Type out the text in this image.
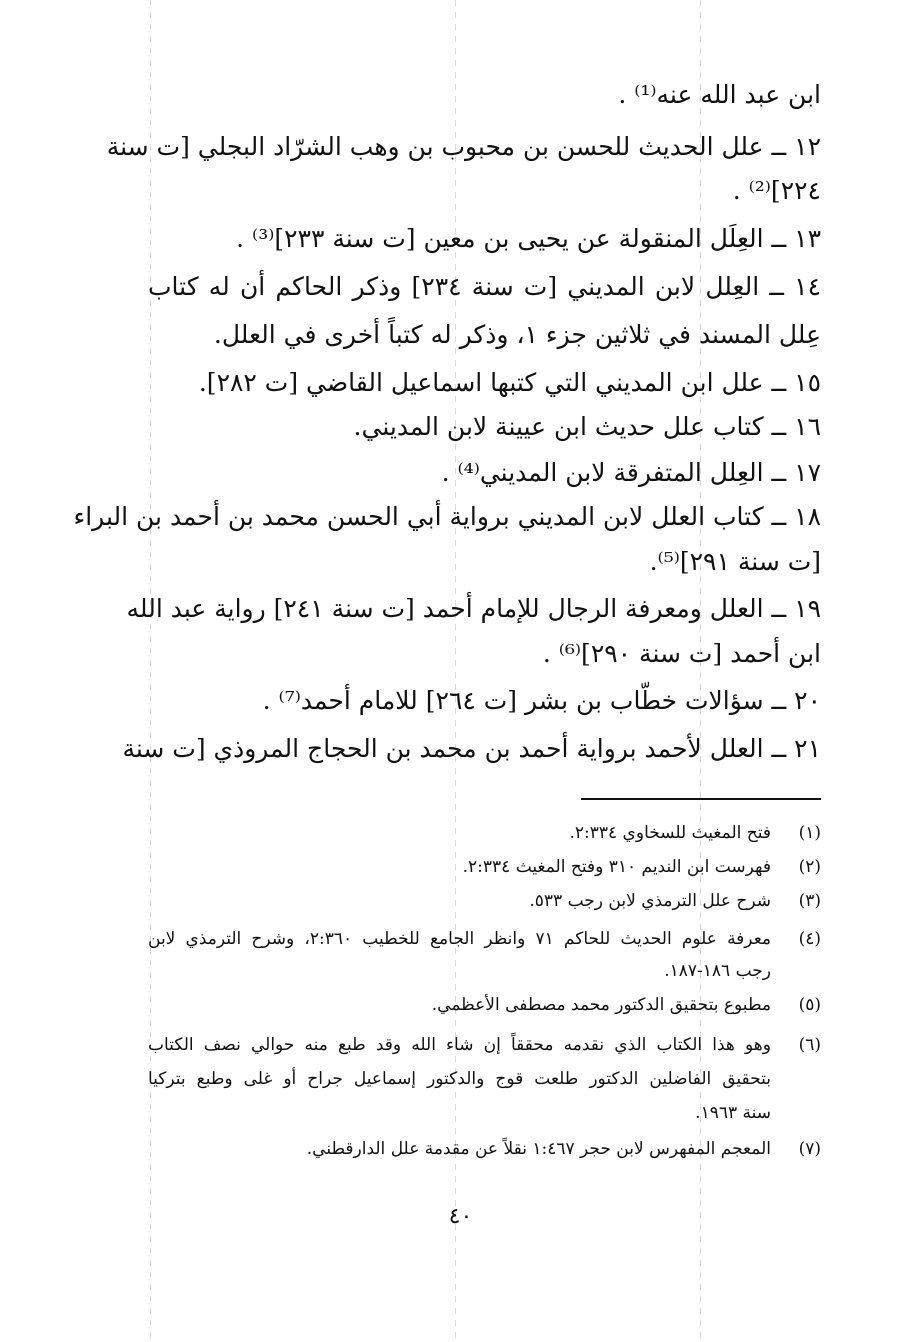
ابن عبد الله عنه⁽¹⁾ .
١٢ ــ علل الحديث للحسن بن محبوب بن وهب الشرّاد البجلي [ت سنة
٢٢٤]⁽²⁾ .
١٣ ــ العِلَل المنقولة عن يحيى بن معين [ت سنة ٢٣٣]⁽³⁾ .
١٤ ــ العِلل لابن المديني [ت سنة ٢٣٤] وذكر الحاكم أن له كتاب
عِلل المسند في ثلاثين جزء ١، وذكر له كتباً أخرى في العلل.
١٥ ــ علل ابن المديني التي كتبها اسماعيل القاضي [ت ٢٨٢].
١٦ ــ كتاب علل حديث ابن عيينة لابن المديني.
١٧ ــ العِلل المتفرقة لابن المديني⁽⁴⁾ .
١٨ ــ كتاب العلل لابن المديني برواية أبي الحسن محمد بن أحمد بن البراء
[ت سنة ٢٩١]⁽⁵⁾.
١٩ ــ العلل ومعرفة الرجال للإمام أحمد [ت سنة ٢٤١] رواية عبد الله
ابن أحمد [ت سنة ٢٩٠]⁽⁶⁾ .
٢٠ ــ سؤالات خطّاب بن بشر [ت ٢٦٤] للامام أحمد⁽⁷⁾ .
٢١ ــ العلل لأحمد برواية أحمد بن محمد بن الحجاج المروذي [ت سنة
(١)
فتح المغيث للسخاوي ٢:٣٣٤.
(٢)
فهرست ابن النديم ٣١٠ وفتح المغيث ٢:٣٣٤.
(٣)
شرح علل الترمذي لابن رجب ٥٣٣.
(٤)
معرفة علوم الحديث للحاكم ٧١ وانظر الجامع للخطيب ٢:٣٦٠، وشرح الترمذي لابن
رجب ١٨٦-١٨٧.
(٥)
مطبوع بتحقيق الدكتور محمد مصطفى الأعظمي.
(٦)
وهو هذا الكتاب الذي نقدمه محققاً إن شاء الله وقد طبع منه حوالي نصف الكتاب
بتحقيق الفاضلين الدكتور طلعت قوج والدكتور إسماعيل جراح أو غلى وطبع بتركيا
سنة ١٩٦٣.
(٧)
المعجم المفهرس لابن حجر ١:٤٦٧ نقلاً عن مقدمة علل الدارقطني.
٤٠
